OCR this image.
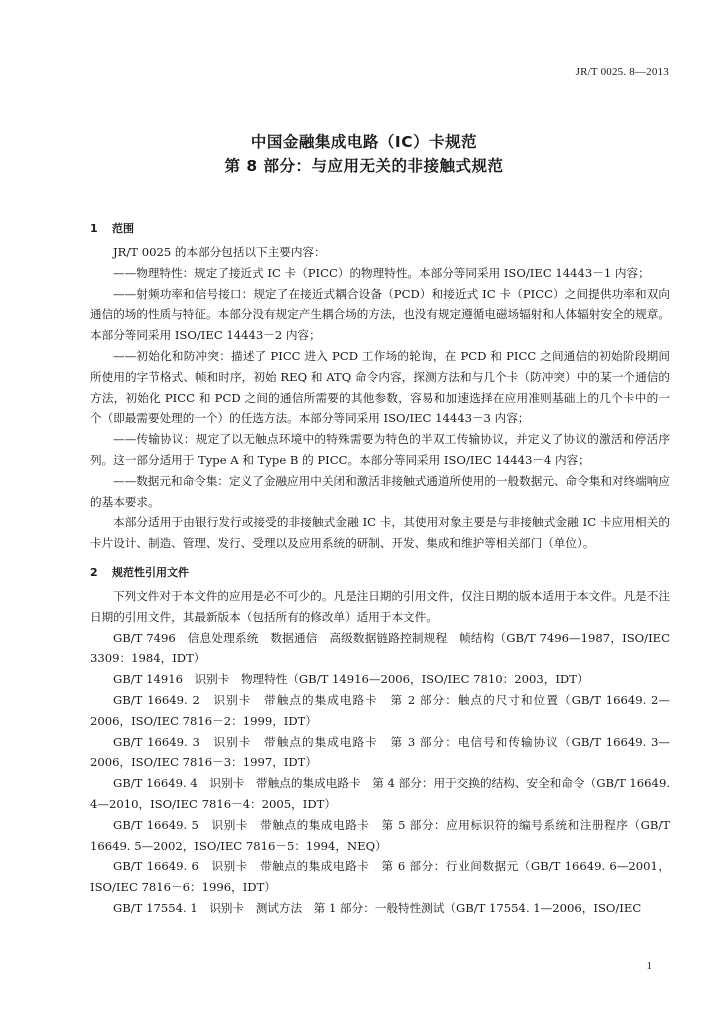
JR/T 0025. 8—2013
中国金融集成电路（IC）卡规范
第 8 部分：与应用无关的非接触式规范
1 范围

JR/T 0025 的本部分包括以下主要内容：

——物理特性：规定了接近式 IC 卡（PICC）的物理特性。本部分等同采用 ISO/IEC 14443－1 内容；

——射频功率和信号接口：规定了在接近式耦合设备（PCD）和接近式 IC 卡（PICC）之间提供功率和双向通信的场的性质与特征。本部分没有规定产生耦合场的方法，也没有规定遵循电磁场辐射和人体辐射安全的规章。本部分等同采用 ISO/IEC 14443－2 内容；

——初始化和防冲突：描述了 PICC 进入 PCD 工作场的轮询，在 PCD 和 PICC 之间通信的初始阶段期间所使用的字节格式、帧和时序，初始 REQ 和 ATQ 命令内容，探测方法和与几个卡（防冲突）中的某一个通信的方法，初始化 PICC 和 PCD 之间的通信所需要的其他参数，容易和加速选择在应用准则基础上的几个卡中的一个（即最需要处理的一个）的任选方法。本部分等同采用 ISO/IEC 14443－3 内容；

——传输协议：规定了以无触点环境中的特殊需要为特色的半双工传输协议，并定义了协议的激活和停活序列。这一部分适用于 Type A 和 Type B 的 PICC。本部分等同采用 ISO/IEC 14443－4 内容；

——数据元和命令集：定义了金融应用中关闭和激活非接触式通道所使用的一般数据元、命令集和对终端响应的基本要求。

本部分适用于由银行发行或接受的非接触式金融 IC 卡，其使用对象主要是与非接触式金融 IC 卡应用相关的卡片设计、制造、管理、发行、受理以及应用系统的研制、开发、集成和维护等相关部门（单位）。

2 规范性引用文件

下列文件对于本文件的应用是必不可少的。凡是注日期的引用文件，仅注日期的版本适用于本文件。凡是不注日期的引用文件，其最新版本（包括所有的修改单）适用于本文件。

GB/T 7496　信息处理系统　数据通信　高级数据链路控制规程　帧结构（GB/T 7496—1987，ISO/IEC 3309：1984，IDT）

GB/T 14916　识别卡　物理特性（GB/T 14916—2006，ISO/IEC 7810：2003，IDT）

GB/T 16649. 2　识别卡　带触点的集成电路卡　第 2 部分：触点的尺寸和位置（GB/T 16649. 2—2006，ISO/IEC 7816－2：1999，IDT）

GB/T 16649. 3　识别卡　带触点的集成电路卡　第 3 部分：电信号和传输协议（GB/T 16649. 3—2006，ISO/IEC 7816－3：1997，IDT）

GB/T 16649. 4　识别卡　带触点的集成电路卡　第 4 部分：用于交换的结构、安全和命令（GB/T 16649. 4—2010，ISO/IEC 7816－4：2005，IDT）

GB/T 16649. 5　识别卡　带触点的集成电路卡　第 5 部分：应用标识符的编号系统和注册程序（GB/T 16649. 5—2002，ISO/IEC 7816－5：1994，NEQ）

GB/T 16649. 6　识别卡　带触点的集成电路卡　第 6 部分：行业间数据元（GB/T 16649. 6—2001，ISO/IEC 7816－6：1996，IDT）

GB/T 17554. 1　识别卡　测试方法　第 1 部分：一般特性测试（GB/T 17554. 1—2006，ISO/IEC

1
